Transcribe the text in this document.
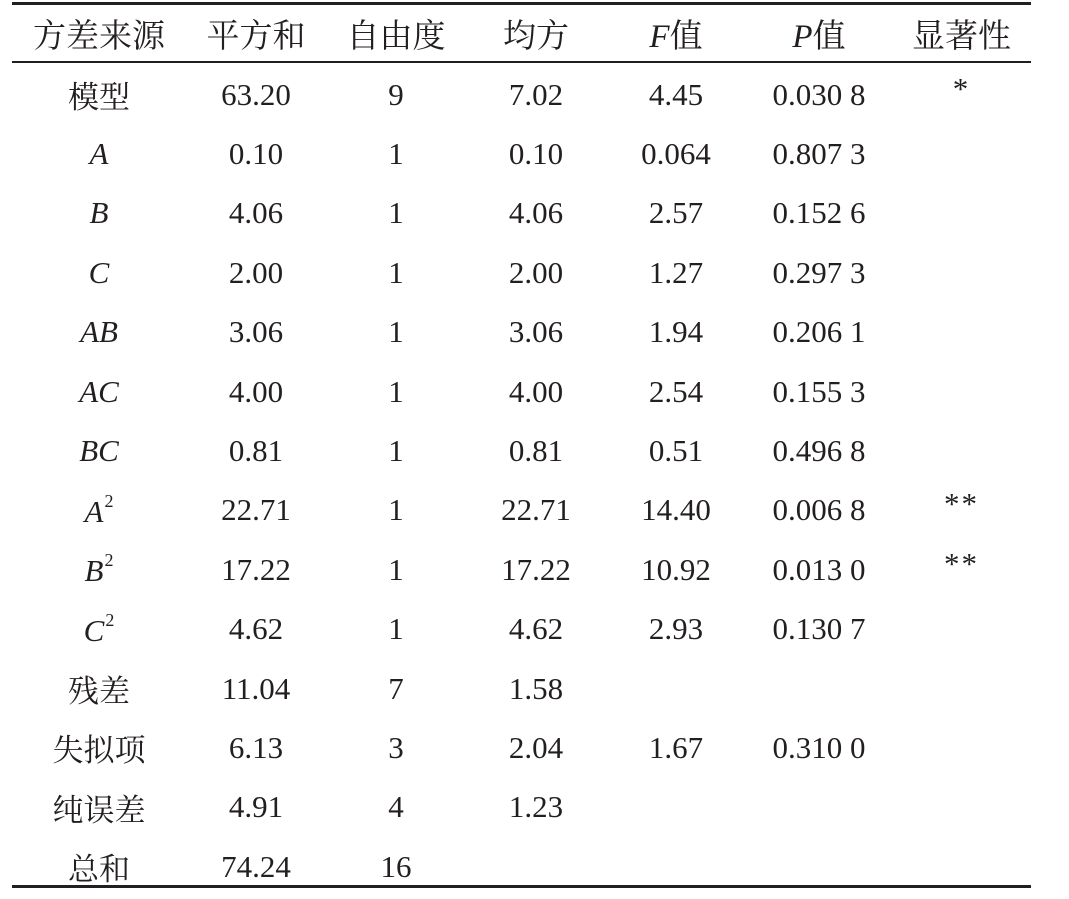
方差来源	平方和	自由度	均方	F值	P值	显著性
模型	63.20	9	7.02	4.45	0.030 8	*
A	0.10	1	0.10	0.064	0.807 3	
B	4.06	1	4.06	2.57	0.152 6	
C	2.00	1	2.00	1.27	0.297 3	
AB	3.06	1	3.06	1.94	0.206 1	
AC	4.00	1	4.00	2.54	0.155 3	
BC	0.81	1	0.81	0.51	0.496 8	
$A^2$	22.71	1	22.71	14.40	0.006 8	**
$B^2$	17.22	1	17.22	10.92	0.013 0	**
$C^2$	4.62	1	4.62	2.93	0.130 7	
残差	11.04	7	1.58			
失拟项	6.13	3	2.04	1.67	0.310 0	
纯误差	4.91	4	1.23			
总和	74.24	16				
